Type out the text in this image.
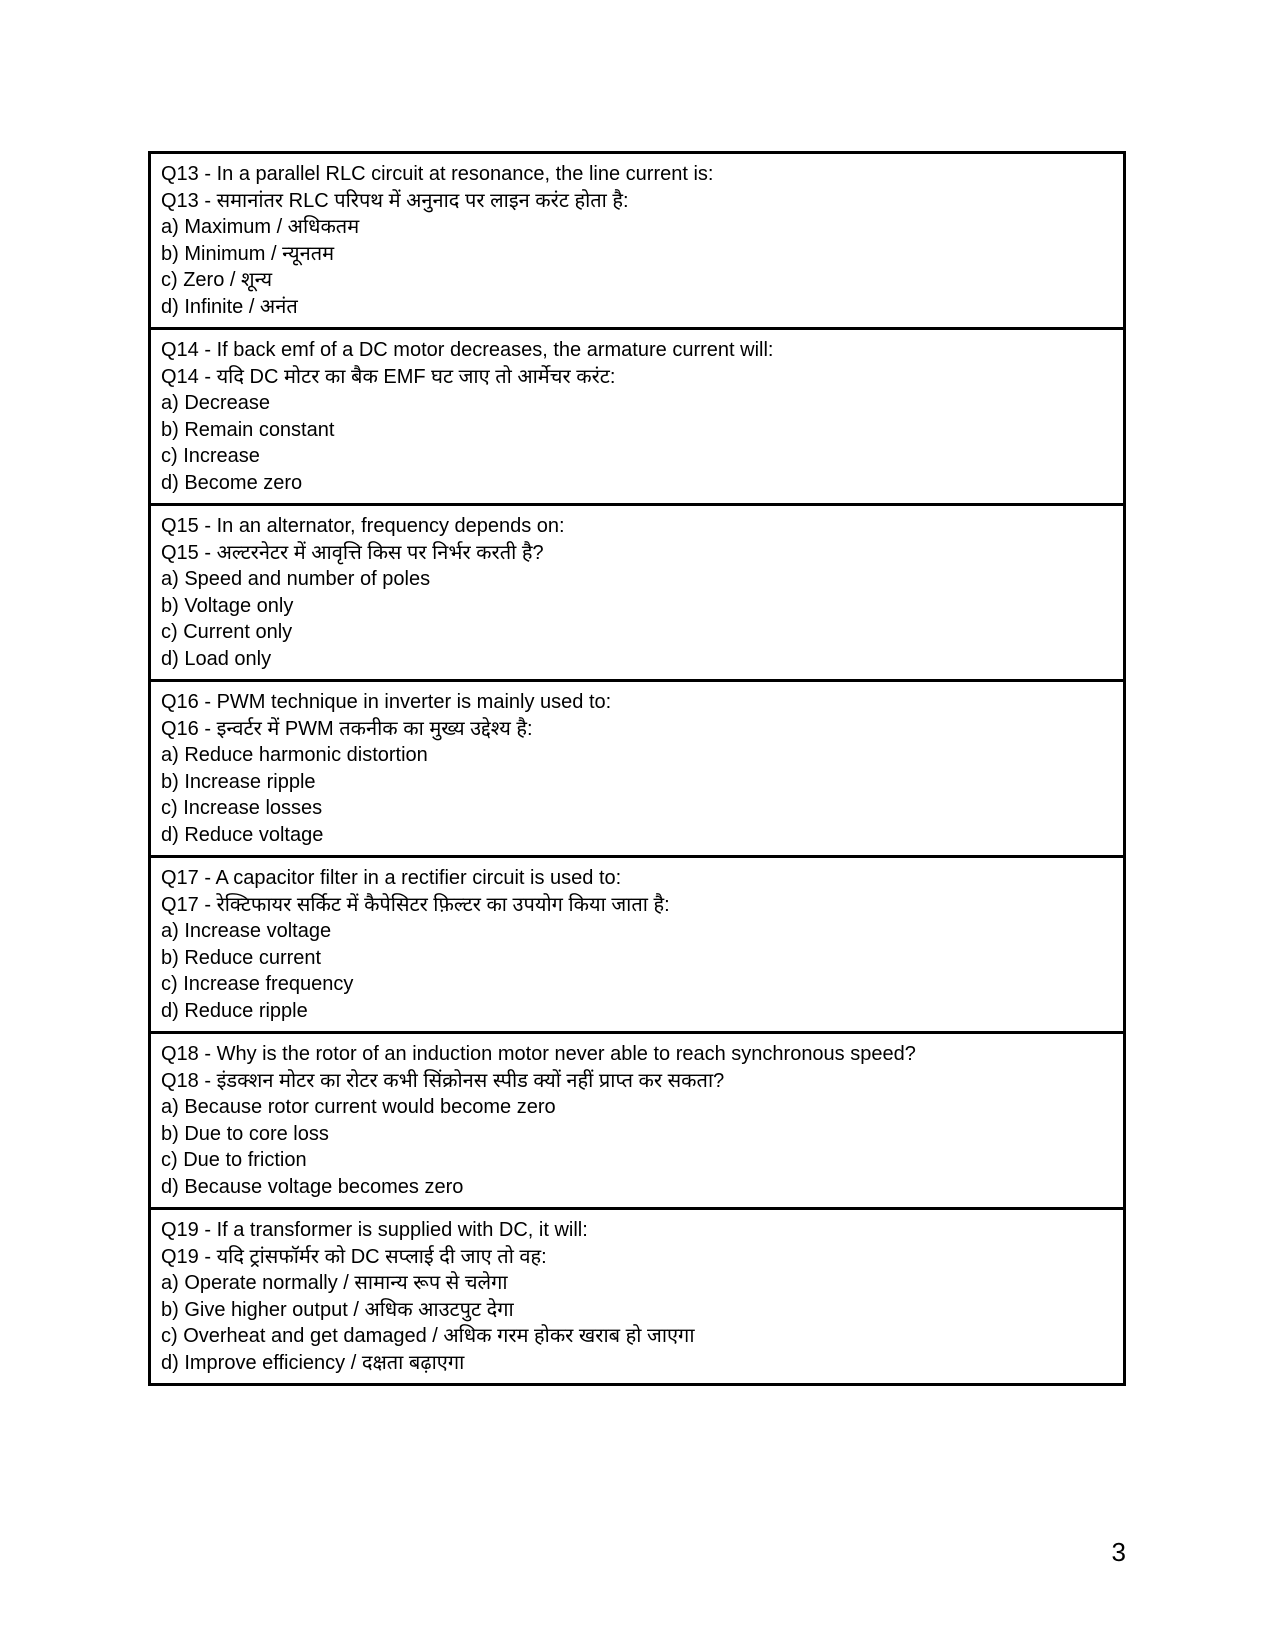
Q13 - In a parallel RLC circuit at resonance, the line current is:
Q13 - समानांतर RLC परिपथ में अनुनाद पर लाइन करंट होता है:
a) Maximum / अधिकतम
b) Minimum / न्यूनतम
c) Zero / शून्य
d) Infinite / अनंत
Q14 - If back emf of a DC motor decreases, the armature current will:
Q14 - यदि DC मोटर का बैक EMF घट जाए तो आर्मेचर करंट:
a) Decrease
b) Remain constant
c) Increase
d) Become zero
Q15 - In an alternator, frequency depends on:
Q15 - अल्टरनेटर में आवृत्ति किस पर निर्भर करती है?
a) Speed and number of poles
b) Voltage only
c) Current only
d) Load only
Q16 - PWM technique in inverter is mainly used to:
Q16 - इन्वर्टर में PWM तकनीक का मुख्य उद्देश्य है:
a) Reduce harmonic distortion
b) Increase ripple
c) Increase losses
d) Reduce voltage
Q17 - A capacitor filter in a rectifier circuit is used to:
Q17 - रेक्टिफायर सर्किट में कैपेसिटर फ़िल्टर का उपयोग किया जाता है:
a) Increase voltage
b) Reduce current
c) Increase frequency
d) Reduce ripple
Q18 - Why is the rotor of an induction motor never able to reach synchronous speed?
Q18 - इंडक्शन मोटर का रोटर कभी सिंक्रोनस स्पीड क्यों नहीं प्राप्त कर सकता?
a) Because rotor current would become zero
b) Due to core loss
c) Due to friction
d) Because voltage becomes zero
Q19 - If a transformer is supplied with DC, it will:
Q19 - यदि ट्रांसफॉर्मर को DC सप्लाई दी जाए तो वह:
a) Operate normally / सामान्य रूप से चलेगा
b) Give higher output / अधिक आउटपुट देगा
c) Overheat and get damaged / अधिक गरम होकर खराब हो जाएगा
d) Improve efficiency / दक्षता बढ़ाएगा
3
